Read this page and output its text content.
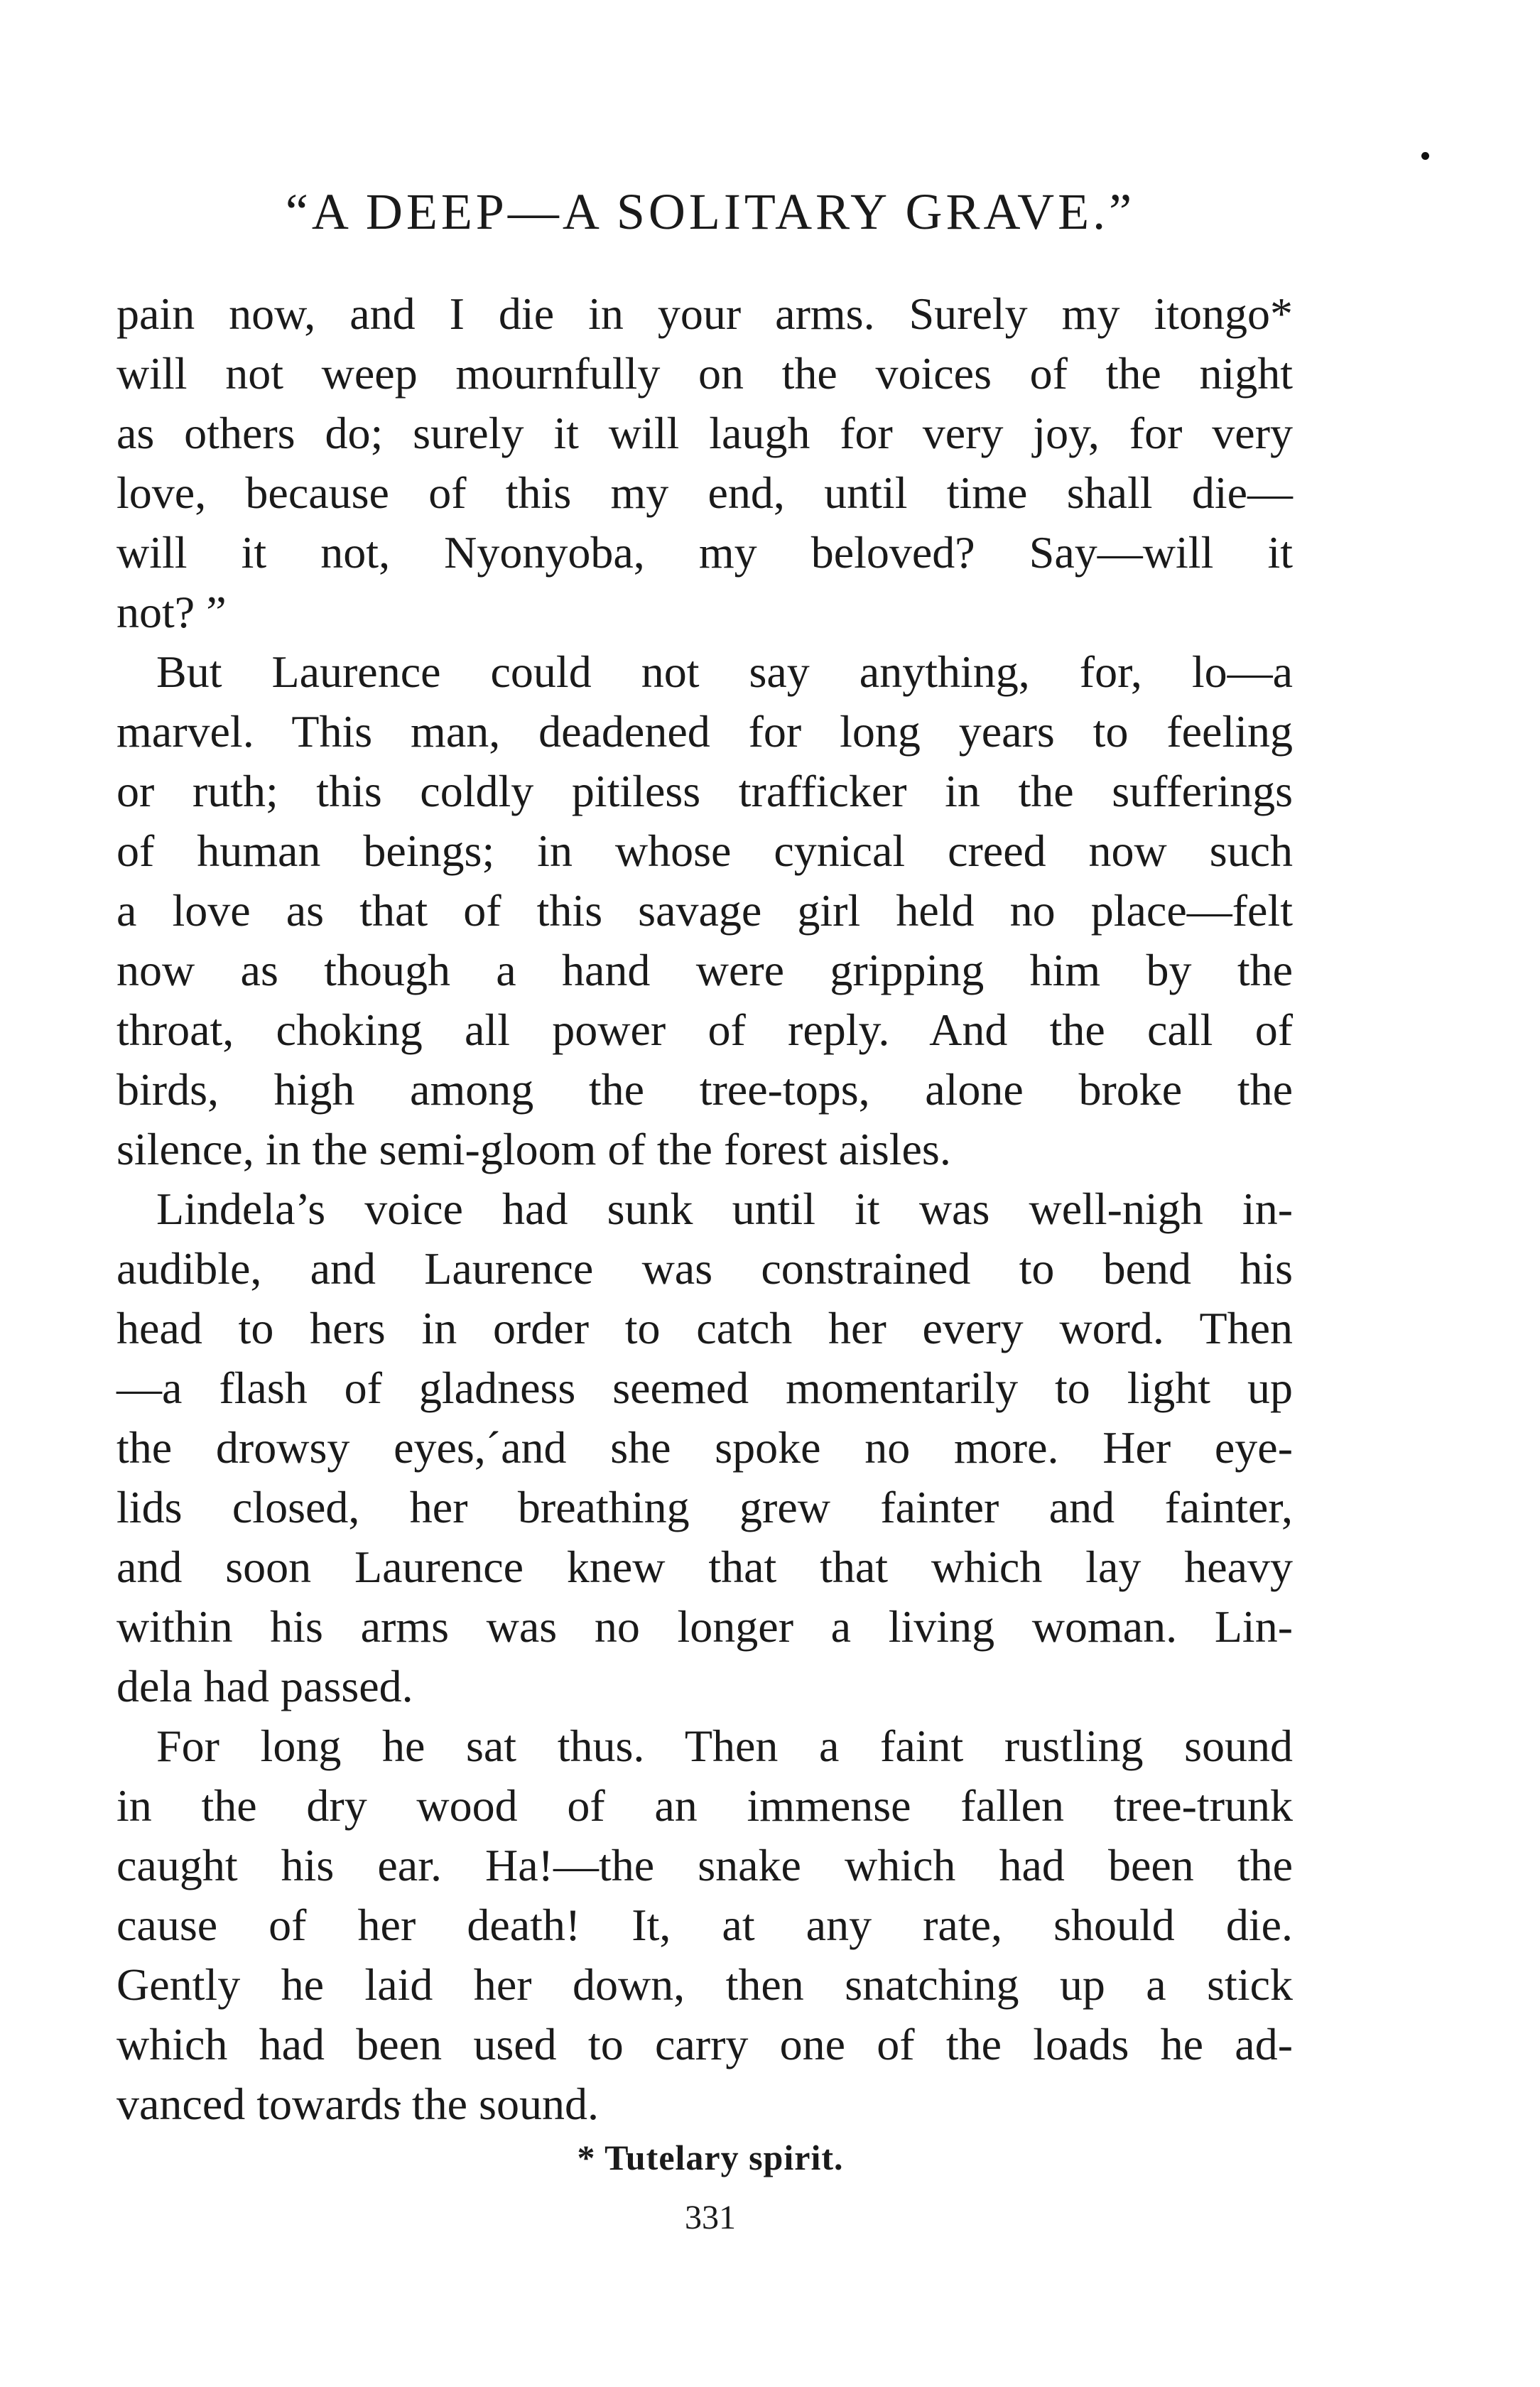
“A DEEP—A SOLITARY GRAVE.”
pain now, and I die in your arms. Surely my itongo*
will not weep mournfully on the voices of the night
as others do; surely it will laugh for very joy, for very
love, because of this my end, until time shall die—
will it not, Nyonyoba, my beloved? Say—will it
not? ”
But Laurence could not say anything, for, lo—a
marvel. This man, deadened for long years to feeling
or ruth; this coldly pitiless trafficker in the sufferings
of human beings; in whose cynical creed now such
a love as that of this savage girl held no place—felt
now as though a hand were gripping him by the
throat, choking all power of reply. And the call of
birds, high among the tree-tops, alone broke the
silence, in the semi-gloom of the forest aisles.
Lindela’s voice had sunk until it was well-nigh in-
audible, and Laurence was constrained to bend his
head to hers in order to catch her every word. Then
—a flash of gladness seemed momentarily to light up
the drowsy eyes,´and she spoke no more. Her eye-
lids closed, her breathing grew fainter and fainter,
and soon Laurence knew that that which lay heavy
within his arms was no longer a living woman. Lin-
dela had passed.
For long he sat thus. Then a faint rustling sound
in the dry wood of an immense fallen tree-trunk
caught his ear. Ha!—the snake which had been the
cause of her death! It, at any rate, should die.
Gently he laid her down, then snatching up a stick
which had been used to carry one of the loads he ad-
vanced towards the sound.
* Tutelary spirit.
331
